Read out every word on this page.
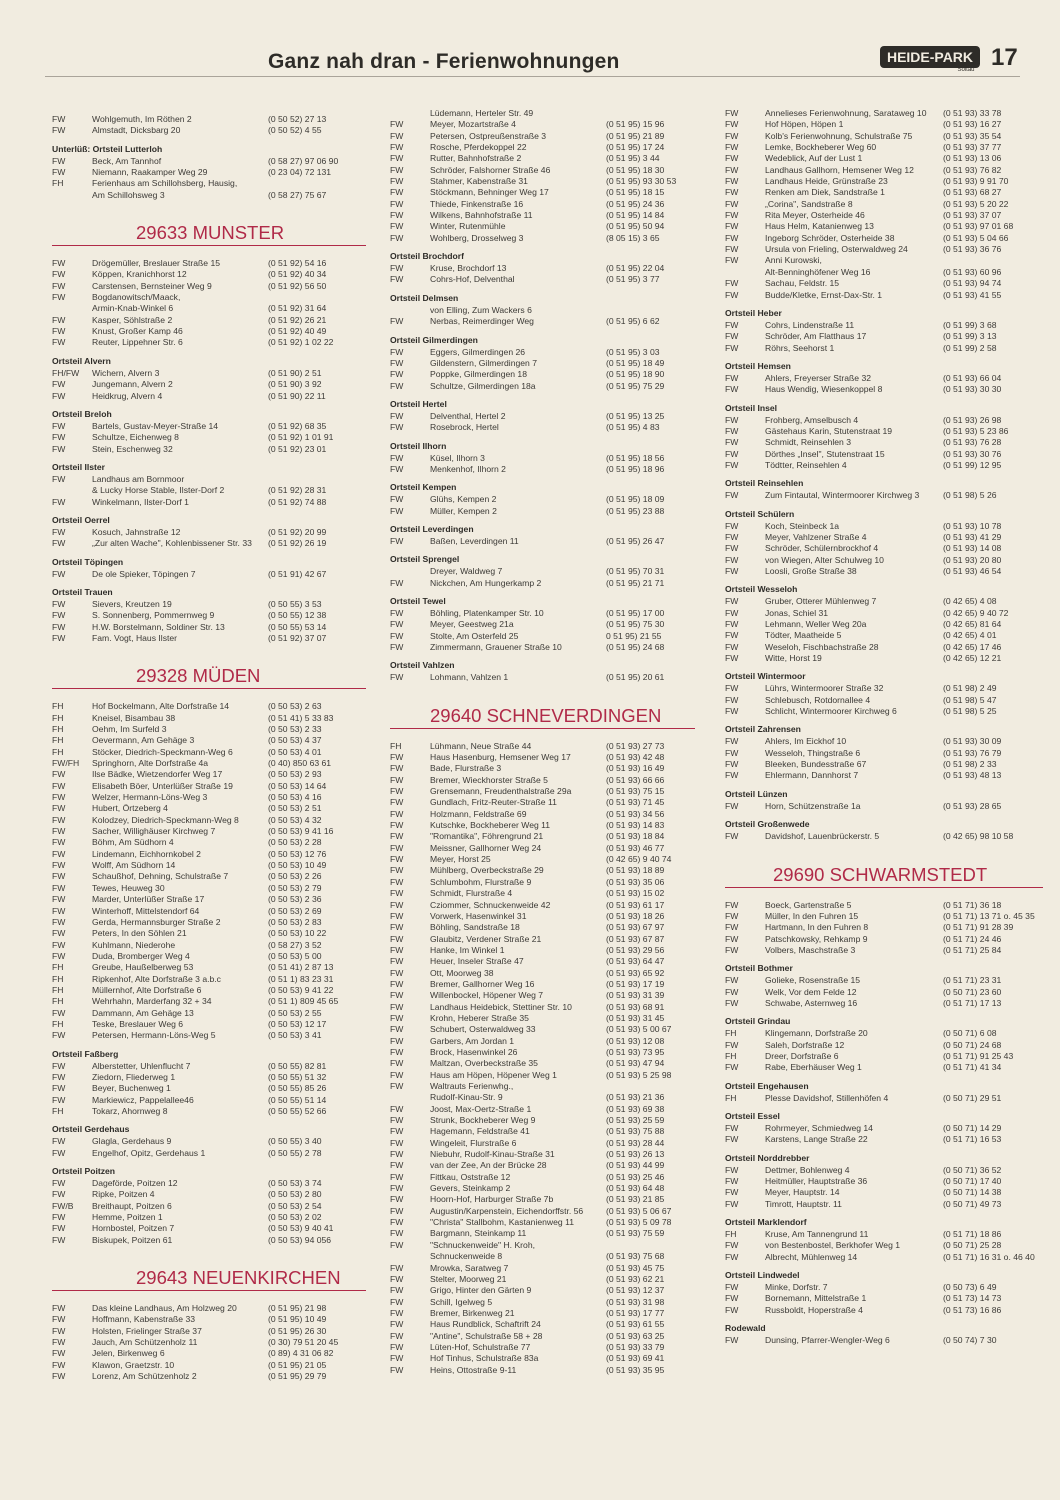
Ganz nah dran - Ferienwohnungen	HEIDE-PARK
Soltau 17
FW	Wohlgemuth, Im Röthen 2	(0 50 52) 27 13
FW	Almstadt, Dicksbarg 20	(0 50 52) 4 55
Unterlüß: Ortsteil Lutterloh
FW	Beck, Am Tannhof	(0 58 27) 97 06 90
FW	Niemann, Raakamper Weg 29	(0 23 04) 72 131
FH	Ferienhaus am Schillohsberg, Hausig,
Am Schillohsweg 3	(0 58 27) 75 67
29633 MUNSTER
FW	Drögemüller, Breslauer Straße 15	(0 51 92) 54 16
FW	Köppen, Kranichhorst 12	(0 51 92) 40 34
FW	Carstensen, Bernsteiner Weg 9	(0 51 92) 56 50
FW	Bogdanowitsch/Maack,
Armin-Knab-Winkel 6	(0 51 92) 31 64
FW	Kasper, Söhlstraße 2	(0 51 92) 26 21
FW	Knust, Großer Kamp 46	(0 51 92) 40 49
FW	Reuter, Lippehner Str. 6	(0 51 92) 1 02 22
Ortsteil Alvern
FH/FW Wichern, Alvern 3	(0 51 90) 2 51
FW	Jungemann, Alvern 2	(0 51 90) 3 92
FW	Heidkrug, Alvern 4	(0 51 90) 22 11
Ortsteil Breloh
FW	Bartels, Gustav-Meyer-Straße 14	(0 51 92) 68 35
FW	Schultze, Eichenweg 8	(0 51 92) 1 01 91
FW	Stein, Eschenweg 32	(0 51 92) 23 01
Ortsteil Ilster
FW	Landhaus am Bornmoor
& Lucky Horse Stable, Ilster-Dorf 2	(0 51 92) 28 31
FW	Winkelmann, Ilster-Dorf 1	(0 51 92) 74 88
Ortsteil Oerrel
FW	Kosuch, Jahnstraße 12	(0 51 92) 20 99
FW	„Zur alten Wache", Kohlenbissener Str. 33 (0 51 92) 26 19
Ortsteil Töpingen
FW	De ole Spieker, Töpingen 7	(0 51 91) 42 67
Ortsteil Trauen
FW	Sievers, Kreutzen 19	(0 50 55) 3 53
FW	S. Sonnenberg, Pommernweg 9	(0 50 55) 12 38
FW	H.W. Borstelmann, Soldiner Str. 13	(0 50 55) 53 14
FW	Fam. Vogt, Haus Ilster	(0 51 92) 37 07
29328 MÜDEN
FH	Hof Bockelmann, Alte Dorfstraße 14	(0 50 53) 2 63
FH	Kneisel, Bisambau 38	(0 51 41) 5 33 83
FH	Oehm, Im Surfeld 3	(0 50 53) 2 33
FH	Oevermann, Am Gehäge 3	(0 50 53) 4 37
FH	Stöcker, Diedrich-Speckmann-Weg 6	(0 50 53) 4 01
FW/FH Springhorn, Alte Dorfstraße 4a	(0 40) 850 63 61
FW	Ilse Bädke, Wietzendorfer Weg 17	(0 50 53) 2 93
FW	Elisabeth Böer, Unterlüßer Straße 19	(0 50 53) 14 64
FW	Welzer, Hermann-Löns-Weg 3	(0 50 53) 4 16
FW	Hubert, Örtzeberg 4	(0 50 53) 2 51
FW	Kolodzey, Diedrich-Speckmann-Weg 8	(0 50 53) 4 32
FW	Sacher, Willighäuser Kirchweg 7	(0 50 53) 9 41 16
FW	Böhm, Am Südhorn 4	(0 50 53) 2 28
FW	Lindemann, Eichhornkobel 2	(0 50 53) 12 76
FW	Wolff, Am Südhorn 14	(0 50 53) 10 49
FW	Schaußhof, Dehning, Schulstraße 7	(0 50 53) 2 26
FW	Tewes, Heuweg 30	(0 50 53) 2 79
FW	Marder, Unterlüßer Straße 17	(0 50 53) 2 36
FW	Winterhoff, Mittelstendorf 64	(0 50 53) 2 69
FW	Gerda, Hermannsburger Straße 2	(0 50 53) 2 83
FW	Peters, In den Söhlen 21	(0 50 53) 10 22
FW	Kuhlmann, Niederohe	(0 58 27) 3 52
FW	Duda, Bromberger Weg 4	(0 50 53) 5 00
FH	Greube, Haußelberweg 53	(0 51 41) 2 87 13
FH	Ripkenhof, Alte Dorfstraße 3 a.b.c	(0 51 1) 83 23 31
FH	Müllernhof, Alte Dorfstraße 6	(0 50 53) 9 41 22
FH	Wehrhahn, Marderfang 32 + 34	(0 51 1) 809 45 65
FW	Dammann, Am Gehäge 13	(0 50 53) 2 55
FH	Teske, Breslauer Weg 6	(0 50 53) 12 17
FW	Petersen, Hermann-Löns-Weg 5	(0 50 53) 3 41
Ortsteil Faßberg
FW	Alberstetter, Uhlenflucht 7	(0 50 55) 82 81
FW	Ziedorn, Fliederweg 1	(0 50 55) 51 32
FW	Beyer, Buchenweg 1	(0 50 55) 85 26
FW	Markiewicz, Pappelallee46	(0 50 55) 51 14
FH	Tokarz, Ahornweg 8	(0 50 55) 52 66
Ortsteil Gerdehaus
FW	Glagla, Gerdehaus 9	(0 50 55) 3 40
FW	Engelhof, Opitz, Gerdehaus 1	(0 50 55) 2 78
Ortsteil Poitzen
FW	Dageförde, Poitzen 12	(0 50 53) 3 74
FW	Ripke, Poitzen 4	(0 50 53) 2 80
FW/B Breithaupt, Poitzen 6	(0 50 53) 2 54
FW	Hemme, Poitzen 1	(0 50 53) 2 02
FW	Hornbostel, Poitzen 7	(0 50 53) 9 40 41
FW	Biskupek, Poitzen 61	(0 50 53) 94 056
29643 NEUENKIRCHEN
FW	Das kleine Landhaus, Am Holzweg 20	(0 51 95) 21 98
FW	Hoffmann, Kabenstraße 33	(0 51 95) 10 49
FW	Holsten, Frielinger Straße 37	(0 51 95) 26 30
FW	Jauch, Am Schützenholz 11	(0 30) 79 51 20 45
FW	Jelen, Birkenweg 6	(0 89) 4 31 06 82
FW	Klawon, Graetzstr. 10	(0 51 95) 21 05
FW	Lorenz, Am Schützenholz 2	(0 51 95) 29 79
Lüdemann, Herteler Str. 49
FW	Meyer, Mozartstraße 4	(0 51 95) 15 96
FW	Petersen, Ostpreußenstraße 3	(0 51 95) 21 89
FW	Rosche, Pferdekoppel 22	(0 51 95) 17 24
FW	Rutter, Bahnhofstraße 2	(0 51 95) 3 44
FW	Schröder, Falshorner Straße 46	(0 51 95) 18 30
FW	Stahmer, Kabenstraße 31	(0 51 95) 93 30 53
FW	Stöckmann, Behninger Weg 17	(0 51 95) 18 15
FW	Thiede, Finkenstraße 16	(0 51 95) 24 36
FW	Wilkens, Bahnhofstraße 11	(0 51 95) 14 84
FW	Winter, Rutenmühle	(0 51 95) 50 94
FW	Wohlberg, Drosselweg 3	(8 05 15) 3 65
Ortsteil Brochdorf
FW	Kruse, Brochdorf 13	(0 51 95) 22 04
FW	Cohrs-Hof, Delventhal	(0 51 95) 3 77
Ortsteil Delmsen
von Elling, Zum Wackers 6
FW	Nerbas, Reimerdinger Weg	(0 51 95) 6 62
Ortsteil Gilmerdingen
FW	Eggers, Gilmerdingen 26	(0 51 95) 3 03
FW	Gildenstern, Gilmerdingen 7	(0 51 95) 18 49
FW	Poppke, Gilmerdingen 18	(0 51 95) 18 90
FW	Schultze, Gilmerdingen 18a	(0 51 95) 75 29
Ortsteil Hertel
FW	Delventhal, Hertel 2	(0 51 95) 13 25
FW	Rosebrock, Hertel	(0 51 95) 4 83
Ortsteil Ilhorn
FW	Küsel, Ilhorn 3	(0 51 95) 18 56
FW	Menkenhof, Ilhorn 2	(0 51 95) 18 96
Ortsteil Kempen
FW	Glühs, Kempen 2	(0 51 95) 18 09
FW	Müller, Kempen 2	(0 51 95) 23 88
Ortsteil Leverdingen
FW	Baßen, Leverdingen 11	(0 51 95) 26 47
Ortsteil Sprengel
Dreyer, Waldweg 7	(0 51 95) 70 31
FW	Nickchen, Am Hungerkamp 2	(0 51 95) 21 71
Ortsteil Tewel
FW	Böhling, Platenkamper Str. 10	(0 51 95) 17 00
FW	Meyer, Geestweg 21a	(0 51 95) 75 30
FW	Stolte, Am Osterfeld 25	0 51 95) 21 55
FW	Zimmermann, Grauener Straße 10	(0 51 95) 24 68
Ortsteil Vahlzen
FW	Lohmann, Vahlzen 1	(0 51 95) 20 61
29640 SCHNEVERDINGEN
FH	Lühmann, Neue Straße 44	(0 51 93) 27 73
FW	Haus Hasenburg, Hemsener Weg 17	(0 51 93) 42 48
FW	Bade, Flurstraße 3	(0 51 93) 16 49
FW	Bremer, Wieckhorster Straße 5	(0 51 93) 66 66
FW	Grensemann, Freudenthalstraße 29a	(0 51 93) 75 15
FW	Gundlach, Fritz-Reuter-Straße 11	(0 51 93) 71 45
FW	Holzmann, Feldstraße 69	(0 51 93) 34 56
FW	Kutschke, Bockheberer Weg 11	(0 51 93) 14 83
FW	"Romantika", Föhrengrund 21	(0 51 93) 18 84
FW	Meissner, Gallhorner Weg 24	(0 51 93) 46 77
FW	Meyer, Horst 25	(0 42 65) 9 40 74
FW	Mühlberg, Overbeckstraße 29	(0 51 93) 18 89
FW	Schlumbohm, Flurstraße 9	(0 51 93) 35 06
FW	Schmidt, Flurstraße 4	(0 51 93) 15 02
FW	Cziommer, Schnuckenweide 42	(0 51 93) 61 17
FW	Vorwerk, Hasenwinkel 31	(0 51 93) 18 26
FW	Böhling, Sandstraße 18	(0 51 93) 67 97
FW	Glaubitz, Verdener Straße 21	(0 51 93) 67 87
FW	Hanke, Im Winkel 1	(0 51 93) 29 56
FW	Heuer, Inseler Straße 47	(0 51 93) 64 47
FW	Ott, Moorweg 38	(0 51 93) 65 92
FW	Bremer, Gallhorner Weg 16	(0 51 93) 17 19
FW	Willenbockel, Höpener Weg 7	(0 51 93) 31 39
FW	Landhaus Heidebick, Stettiner Str. 10	(0 51 93) 68 91
FW	Krohn, Heberer Straße 35	(0 51 93) 31 45
FW	Schubert, Osterwaldweg 33	(0 51 93) 5 00 67
FW	Garbers, Am Jordan 1	(0 51 93) 12 08
FW	Brock, Hasenwinkel 26	(0 51 93) 73 95
FW	Maltzan, Overbeckstraße 35	(0 51 93) 47 94
FW	Haus am Höpen, Höpener Weg 1	(0 51 93) 5 25 98
FW	Waltrauts Ferienwhg.,
Rudolf-Kinau-Str. 9	(0 51 93) 21 36
FW	Joost, Max-Oertz-Straße 1	(0 51 93) 69 38
FW	Strunk, Bockheberer Weg 9	(0 51 93) 25 59
FW	Hagemann, Feldstraße 41	(0 51 93) 75 88
FW	Wingeleit, Flurstraße 6	(0 51 93) 28 44
FW	Niebuhr, Rudolf-Kinau-Straße 31	(0 51 93) 26 13
FW	van der Zee, An der Brücke 28	(0 51 93) 44 99
FW	Fittkau, Oststraße 12	(0 51 93) 25 46
FW	Gevers, Steinkamp 2	(0 51 93) 64 48
FW	Hoorn-Hof, Harburger Straße 7b	(0 51 93) 21 85
FW	Augustin/Karpenstein, Eichendorffstr. 56	(0 51 93) 5 06 67
FW	"Christa" Stallbohm, Kastanienweg 11	(0 51 93) 5 09 78
FW	Bargmann, Steinkamp 11	(0 51 93) 75 59
FW	"Schnuckenweide" H. Kroh,
Schnuckenweide 8	(0 51 93) 75 68
FW	Mrowka, Saratweg 7	(0 51 93) 45 75
FW	Stelter, Moorweg 21	(0 51 93) 62 21
FW	Grigo, Hinter den Gärten 9	(0 51 93) 12 37
FW	Schill, Igelweg 5	(0 51 93) 31 98
FW	Bremer, Birkenweg 21	(0 51 93) 17 77
FW	Haus Rundblick, Schaftrift 24	(0 51 93) 61 55
FW	"Antine", Schulstraße 58 + 28	(0 51 93) 63 25
FW	Lüten-Hof, Schulstraße 77	(0 51 93) 33 79
FW	Hof Tinhus, Schulstraße 83a	(0 51 93) 69 41
FW	Heins, Ottostraße 9-11	(0 51 93) 35 95
FW	Annelieses Ferienwohnung, Sarataweg 10 (0 51 93) 33 78
FW	Hof Höpen, Höpen 1	(0 51 93) 16 27
FW	Kolb's Ferienwohnung, Schulstraße 75	(0 51 93) 35 54
FW	Lemke, Bockheberer Weg 60	(0 51 93) 37 77
FW	Wedeblick, Auf der Lust 1	(0 51 93) 13 06
FW	Landhaus Gallhorn, Hemsener Weg 12	(0 51 93) 76 82
FW	Landhaus Heide, Grünstraße 23	(0 51 93) 9 91 70
FW	Renken am Diek, Sandstraße 1	(0 51 93) 68 27
FW	„Corina", Sandstraße 8	(0 51 93) 5 20 22
FW	Rita Meyer, Osterheide 46	(0 51 93) 37 07
FW	Haus Helm, Katanienweg 13	(0 51 93) 97 01 68
FW	Ingeborg Schröder, Osterheide 38	(0 51 93) 5 04 66
FW	Ursula von Frieling, Osterwaldweg 24	(0 51 93) 36 76
FW	Anni Kurowski,
Alt-Benninghöfener Weg 16	(0 51 93) 60 96
FW	Sachau, Feldstr. 15	(0 51 93) 94 74
FW	Budde/Kletke, Ernst-Dax-Str. 1	(0 51 93) 41 55
Ortsteil Heber
FW	Cohrs, Lindenstraße 11	(0 51 99) 3 68
FW	Schröder, Am Flatthaus 17	(0 51 99) 3 13
FW	Röhrs, Seehorst 1	(0 51 99) 2 58
Ortsteil Hemsen
FW	Ahlers, Freyerser Straße 32	(0 51 93) 66 04
FW	Haus Wendig, Wiesenkoppel 8	(0 51 93) 30 30
Ortsteil Insel
FW	Frohberg, Amselbusch 4	(0 51 93) 26 98
FW	Gästehaus Karin, Stutenstraat 19	(0 51 93) 5 23 86
FW	Schmidt, Reinsehlen 3	(0 51 93) 76 28
FW	Dörthes „Insel", Stutenstraat 15	(0 51 93) 30 76
FW	Tödtter, Reinsehlen 4	(0 51 99) 12 95
Ortsteil Reinsehlen
FW	Zum Fintautal, Wintermoorer Kirchweg 3	(0 51 98) 5 26
Ortsteil Schülern
FW	Koch, Steinbeck 1a	(0 51 93) 10 78
FW	Meyer, Vahlzener Straße 4	(0 51 93) 41 29
FW	Schröder, Schülernbrockhof 4	(0 51 93) 14 08
FW	von Wiegen, Alter Schulweg 10	(0 51 93) 20 80
FW	Loosli, Große Straße 38	(0 51 93) 46 54
Ortsteil Wesseloh
FW	Gruber, Otterer Mühlenweg 7	(0 42 65) 4 08
FW	Jonas, Schiel 31	(0 42 65) 9 40 72
FW	Lehmann, Weller Weg 20a	(0 42 65) 81 64
FW	Tödter, Maatheide 5	(0 42 65) 4 01
FW	Weseloh, Fischbachstraße 28	(0 42 65) 17 46
FW	Witte, Horst 19	(0 42 65) 12 21
Ortsteil Wintermoor
FW	Lührs, Wintermoorer Straße 32	(0 51 98) 2 49
FW	Schlebusch, Rotdornallee 4	(0 51 98) 5 47
FW	Schlicht, Wintermoorer Kirchweg 6	(0 51 98) 5 25
Ortsteil Zahrensen
FW	Ahlers, Im Eickhof 10	(0 51 93) 30 09
FW	Wesseloh, Thingstraße 6	(0 51 93) 76 79
FW	Bleeken, Bundesstraße 67	(0 51 98) 2 33
FW	Ehlermann, Dannhorst 7	(0 51 93) 48 13
Ortsteil Lünzen
FW	Horn, Schützenstraße 1a	(0 51 93) 28 65
Ortsteil Großenwede
FW	Davidshof, Lauenbrückerstr. 5	(0 42 65) 98 10 58
29690 SCHWARMSTEDT
FW	Boeck, Gartenstraße 5	(0 51 71) 36 18
FW	Müller, In den Fuhren 15	(0 51 71) 13 71 o. 45 35
FW	Hartmann, In den Fuhren 8	(0 51 71) 91 28 39
FW	Patschkowsky, Rehkamp 9	(0 51 71) 24 46
FW	Volbers, Maschstraße 3	(0 51 71) 25 84
Ortsteil Bothmer
FW	Golieke, Rosenstraße 15	(0 51 71) 23 31
FW	Welk, Vor dem Felde 12	(0 50 71) 23 60
FW	Schwabe, Asternweg 16	(0 51 71) 17 13
Ortsteil Grindau
FH	Klingemann, Dorfstraße 20	(0 50 71) 6 08
FW	Saleh, Dorfstraße 12	(0 50 71) 24 68
FH	Dreer, Dorfstraße 6	(0 51 71) 91 25 43
FW	Rabe, Eberhäuser Weg 1	(0 51 71) 41 34
Ortsteil Engehausen
FH	Plesse Davidshof, Stillenhöfen 4	(0 50 71) 29 51
Ortsteil Essel
FW	Rohrmeyer, Schmiedweg 14	(0 50 71) 14 29
FW	Karstens, Lange Straße 22	(0 51 71) 16 53
Ortsteil Norddrebber
FW	Dettmer, Bohlenweg 4	(0 50 71) 36 52
FW	Heitmüller, Hauptstraße 36	(0 50 71) 17 40
FW	Meyer, Hauptstr. 14	(0 50 71) 14 38
FW	Timrott, Hauptstr. 11	(0 50 71) 49 73
Ortsteil Marklendorf
FH	Kruse, Am Tannengrund 11	(0 51 71) 18 86
FW	von Bestenbostel, Berkhofer Weg 1	(0 50 71) 25 28
FW	Albrecht, Mühlenweg 14	(0 51 71) 16 31 o. 46 40
Ortsteil Lindwedel
FW	Minke, Dorfstr. 7	(0 50 73) 6 49
FW	Bornemann, Mittelstraße 1	(0 51 73) 14 73
FW	Russboldt, Hoperstraße 4	(0 51 73) 16 86
Rodewald
FW	Dunsing, Pfarrer-Wengler-Weg 6	(0 50 74) 7 30
